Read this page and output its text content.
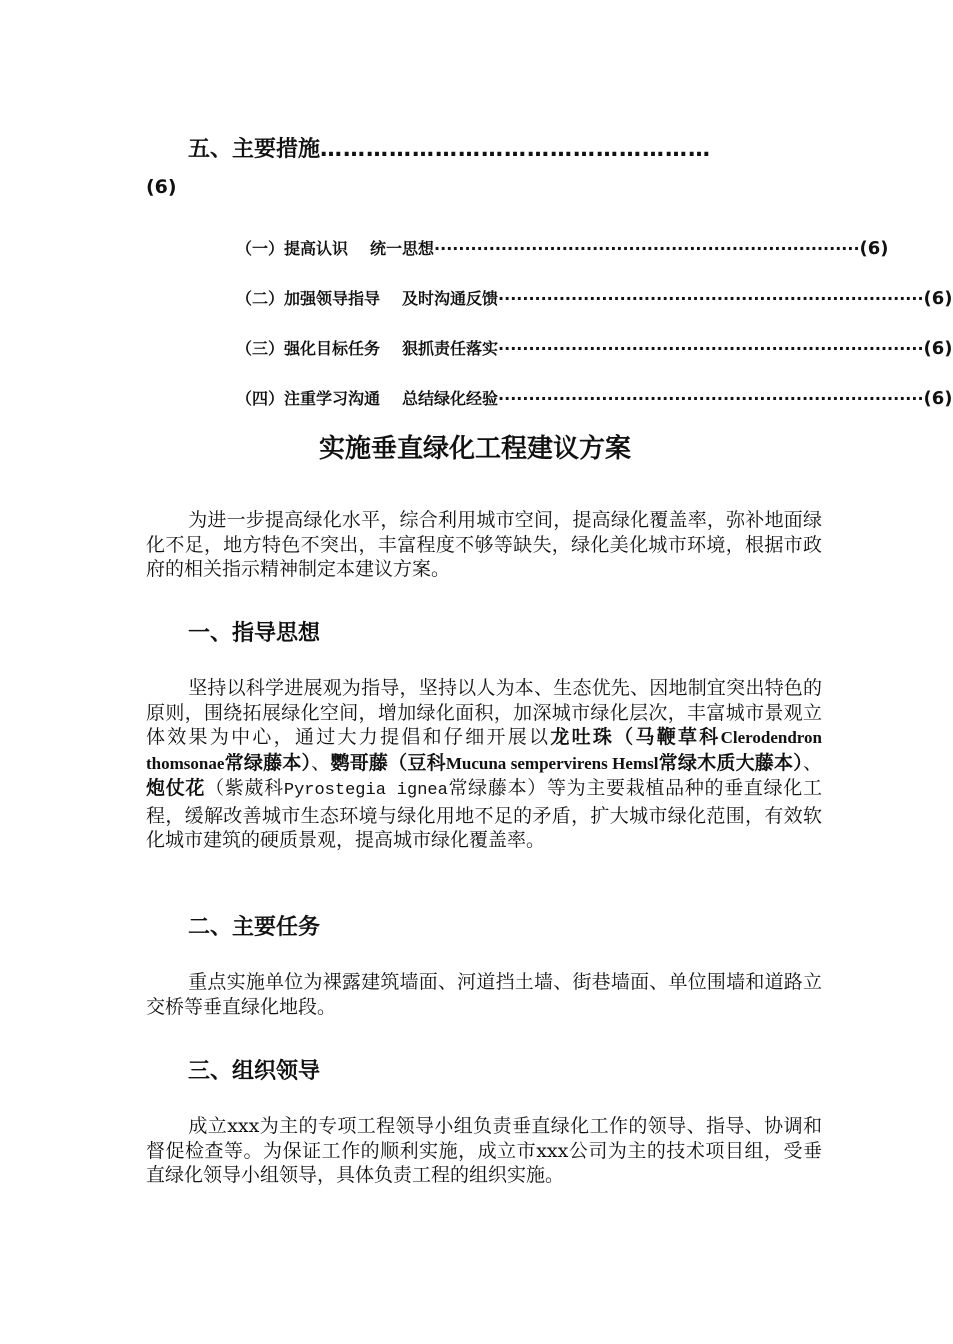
五、主要措施……………………………………………
(6)
（一）提高认识 统一思想 ······································································ (6)
（二）加强领导指导 及时沟通反馈 ······································································ (6)
（三）强化目标任务 狠抓责任落实 ······································································ (6)
（四）注重学习沟通 总结绿化经验 ······································································ (6)
实施垂直绿化工程建议方案
为进一步提高绿化水平，综合利用城市空间，提高绿化覆盖率，弥补地面绿化不足，地方特色不突出，丰富程度不够等缺失，绿化美化城市环境，根据市政府的相关指示精神制定本建议方案。
一、指导思想
坚持以科学进展观为指导，坚持以人为本、生态优先、因地制宜突出特色的原则，围绕拓展绿化空间，增加绿化面积，加深城市绿化层次，丰富城市景观立体效果为中心，通过大力提倡和仔细开展以龙吐珠（马鞭草科Clerodendron thomsonae常绿藤本）、鹦哥藤（豆科Mucuna sempervirens Hemsl常绿木质大藤本）、炮仗花（紫葳科Pyrostegia ignea常绿藤本）等为主要栽植品种的垂直绿化工程，缓解改善城市生态环境与绿化用地不足的矛盾，扩大城市绿化范围，有效软化城市建筑的硬质景观，提高城市绿化覆盖率。
二、主要任务
重点实施单位为裸露建筑墙面、河道挡土墙、街巷墙面、单位围墙和道路立交桥等垂直绿化地段。
三、组织领导
成立xxx为主的专项工程领导小组负责垂直绿化工作的领导、指导、协调和督促检查等。为保证工作的顺利实施，成立市xxx公司为主的技术项目组，受垂直绿化领导小组领导，具体负责工程的组织实施。
